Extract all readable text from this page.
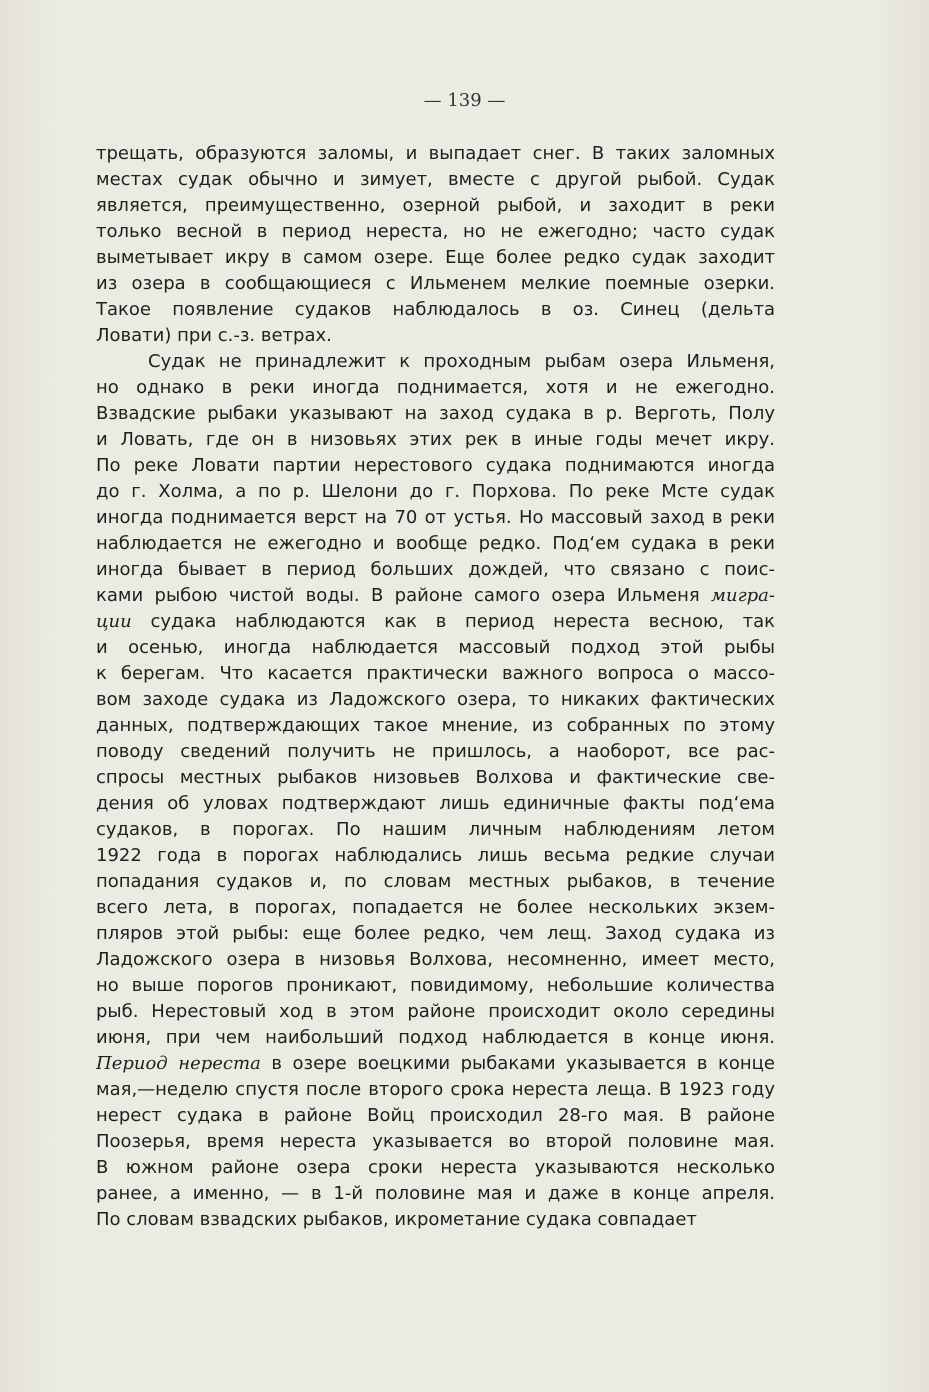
— 139 —
трещать, образуются заломы, и выпадает снег. В таких заломных
местах судак обычно и зимует, вместе с другой рыбой. Судак
является, преимущественно, озерной рыбой, и заходит в реки
только весной в период нереста, но не ежегодно; часто судак
выметывает икру в самом озере. Еще более редко судак заходит
из озера в сообщающиеся с Ильменем мелкие поемные озерки.
Такое появление судаков наблюдалось в оз. Синец (дельта
Ловати) при с.-з. ветрах.
Судак не принадлежит к проходным рыбам озера Ильменя,
но однако в реки иногда поднимается, хотя и не ежегодно.
Взвадские рыбаки указывают на заход судака в р. Верготь, Полу
и Ловать, где он в низовьях этих рек в иные годы мечет икру.
По реке Ловати партии нерестового судака поднимаются иногда
до г. Холма, а по р. Шелони до г. Порхова. По реке Мсте судак
иногда поднимается верст на 70 от устья. Но массовый заход в реки
наблюдается не ежегодно и вообще редко. Под‘ем судака в реки
иногда бывает в период больших дождей, что связано с поис-
ками рыбою чистой воды. В районе самого озера Ильменя мигра-
ции судака наблюдаются как в период нереста весною, так
и осенью, иногда наблюдается массовый подход этой рыбы
к берегам. Что касается практически важного вопроса о массо-
вом заходе судака из Ладожского озера, то никаких фактических
данных, подтверждающих такое мнение, из собранных по этому
поводу сведений получить не пришлось, а наоборот, все рас-
спросы местных рыбаков низовьев Волхова и фактические све-
дения об уловах подтверждают лишь единичные факты под‘ема
судаков, в порогах. По нашим личным наблюдениям летом
1922 года в порогах наблюдались лишь весьма редкие случаи
попадания судаков и, по словам местных рыбаков, в течение
всего лета, в порогах, попадается не более нескольких экзем-
пляров этой рыбы: еще более редко, чем лещ. Заход судака из
Ладожского озера в низовья Волхова, несомненно, имеет место,
но выше порогов проникают, повидимому, небольшие количества
рыб. Нерестовый ход в этом районе происходит около середины
июня, при чем наибольший подход наблюдается в конце июня.
Период нереста в озере воецкими рыбаками указывается в конце
мая,—неделю спустя после второго срока нереста леща. В 1923 году
нерест судака в районе Войц происходил 28-го мая. В районе
Поозерья, время нереста указывается во второй половине мая.
В южном районе озера сроки нереста указываются несколько
ранее, а именно, — в 1-й половине мая и даже в конце апреля.
По словам взвадских рыбаков, икрометание судака совпадает
